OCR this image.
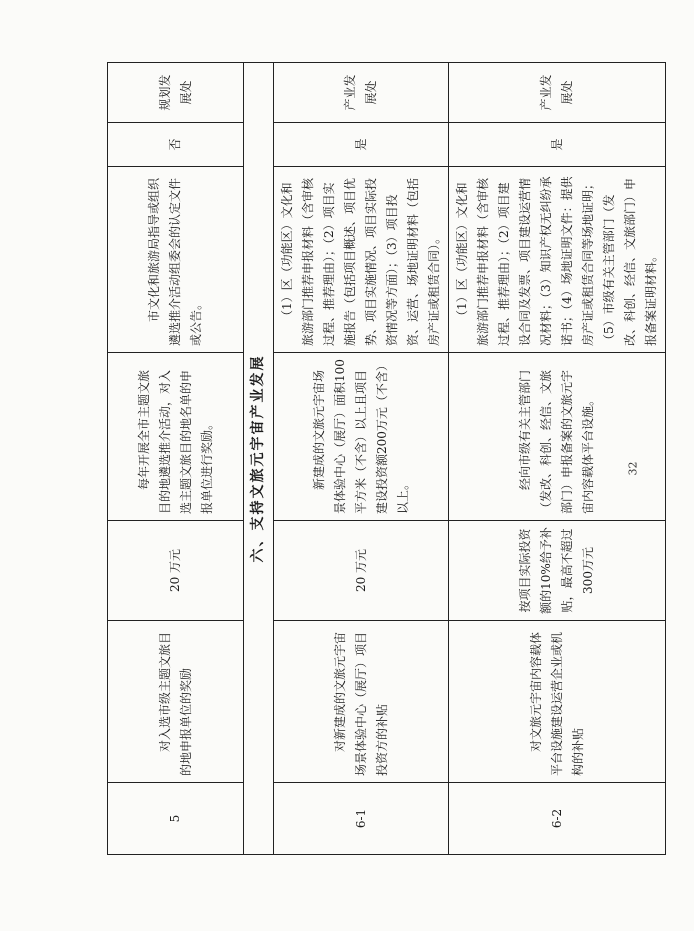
5	对入选市级主题文旅目的地申报单位的奖励	20 万元	每年开展全市主题文旅目的地遴选推介活动，对入选主题文旅目的地名单的申报单位进行奖励。	市文化和旅游局指导或组织遴选推介活动组委会的认定文件或公告。	否	规划发展处
六、支持文旅元宇宙产业发展						
6-1	对新建成的文旅元宇宙场景体验中心（展厅）项目投资方的补贴	20 万元	新建成的文旅元宇宙场景体验中心（展厅）面积100平方米（不含）以上且项目建设投资额200万元（不含）以上。	（1）区（功能区）文化和旅游部门推荐申报材料（含审核过程、推荐理由）；（2）项目实施报告（包括项目概述、项目优势、项目实施情况、项目实际投资情况等方面）；（3）项目投资、运营、场地证明材料（包括房产证或租赁合同）。	是	产业发展处
6-2	对文旅元宇宙内容载体平台设施建设运营企业或机构的补贴	按项目实际投资额的10%给予补贴，最高不超过300万元	经向市级有关主管部门（发改、科创、经信、文旅部门）申报备案的文旅元宇宙内容载体平台设施。	（1）区（功能区）文化和旅游部门推荐申报材料（含审核过程、推荐理由）；（2）项目建设合同及发票、项目建设运营情况材料；（3）知识产权无纠纷承诺书；（4）场地证明文件：提供房产证或租赁合同等场地证明；（5）市级有关主管部门（发改、科创、经信、文旅部门）申报备案证明材料。	是	产业发展处
32
